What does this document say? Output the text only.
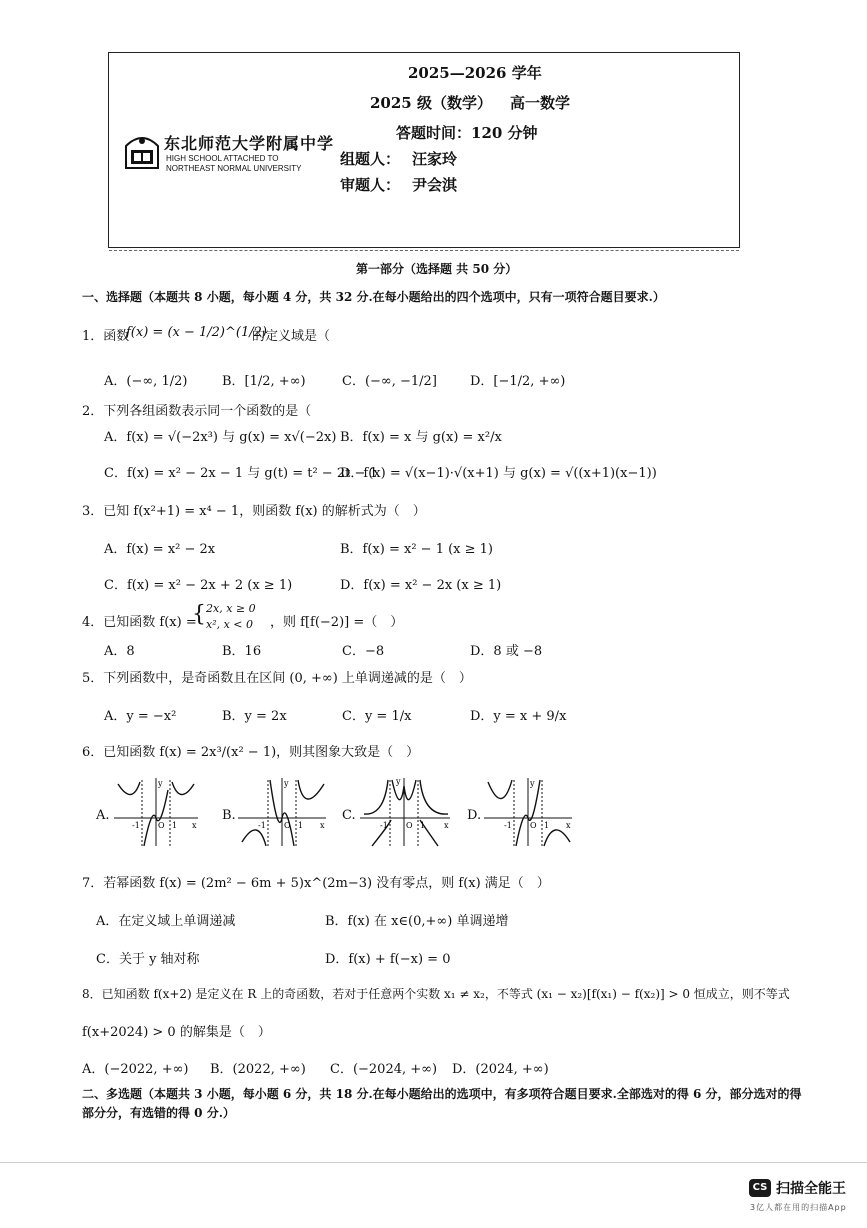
东北师范大学附属中学
HIGH SCHOOL ATTACHED TO
NORTHEAST NORMAL UNIVERSITY
2025—2026 学年
2025 级（数学） 高一数学
答题时间：120 分钟
组题人： 汪家玲
审题人： 尹会淇
第一部分（选择题 共 50 分）
一、选择题（本题共 8 小题，每小题 4 分，共 32 分.在每小题给出的四个选项中，只有一项符合题目要求.）
1．函数
f(x) = (x − 1/2)^(1/2)
的定义域是（
A．(−∞, 1/2)	B．[1/2, +∞)	C．(−∞, −1/2]	D．[−1/2, +∞)
2．下列各组函数表示同一个函数的是（
A．f(x) = √(−2x³) 与 g(x) = x√(−2x) B．f(x) = x 与 g(x) = x²/x
C．f(x) = x² − 2x − 1 与 g(t) = t² − 2t − 1
D．f(x) = √(x−1)·√(x+1) 与 g(x) = √((x+1)(x−1))
3．已知 f(x²+1) = x⁴ − 1，则函数 f(x) 的解析式为（　）
A．f(x) = x² − 2x	B．f(x) = x² − 1 (x ≥ 1)
C．f(x) = x² − 2x + 2 (x ≥ 1)	D．f(x) = x² − 2x (x ≥ 1)
4．已知函数 f(x) =
{ 2x, x ≥ 0
x², x < 0 ，则 f[f(−2)] =（　）
A．8	B．16	C．−8	D．8 或 −8
5．下列函数中，是奇函数且在区间 (0, +∞) 上单调递减的是（　）
A．y = −x²	B．y = 2x	C．y = 1/x	D．y = x + 9/x
6．已知函数 f(x) = 2x³/(x² − 1)，则其图象大致是（　）
A.	B.	C.	D.
y
x
-1 O 1
y
x
-1 O 1
y
x
-1 O 1
y
x
-1 O 1
7．若幂函数 f(x) = (2m² − 6m + 5)x^(2m−3) 没有零点，则 f(x) 满足（　）
A．在定义域上单调递减	B．f(x) 在 x∈(0,+∞) 单调递增
C．关于 y 轴对称	D．f(x) + f(−x) = 0
8．已知函数 f(x+2) 是定义在 R 上的奇函数，若对于任意两个实数 x₁ ≠ x₂，不等式 (x₁ − x₂)[f(x₁) − f(x₂)] > 0 恒成立，则不等式
f(x+2024) > 0 的解集是（　）
A．(−2022, +∞) B．(2022, +∞) C．(−2024, +∞) D．(2024, +∞)
二、多选题（本题共 3 小题，每小题 6 分，共 18 分.在每小题给出的选项中，有多项符合题目要求.全部选对的得 6 分，部分选对的得
部分分，有选错的得 0 分.）
CS 扫描全能王
3亿人都在用的扫描App
